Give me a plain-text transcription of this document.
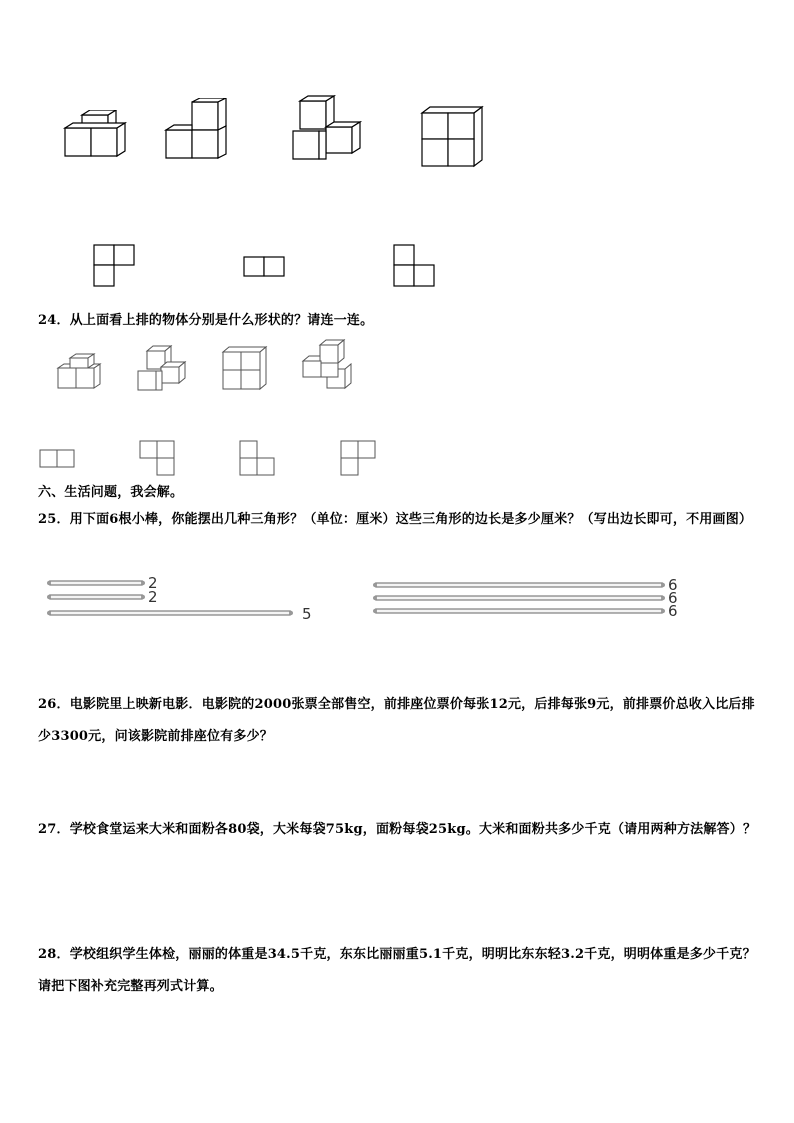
24．从上面看上排的物体分别是什么形状的？请连一连。
六、生活问题，我会解。
25．用下面6根小棒，你能摆出几种三角形？（单位：厘米）这些三角形的边长是多少厘米？（写出边长即可，不用画图）
2
2
5
6
6
6
26．电影院里上映新电影．电影院的2000张票全部售空，前排座位票价每张12元，后排每张9元，前排票价总收入比后排少3300元，问该影院前排座位有多少？
27．学校食堂运来大米和面粉各80袋，大米每袋75kg，面粉每袋25kg。大米和面粉共多少千克（请用两种方法解答）？
28．学校组织学生体检，丽丽的体重是34.5千克，东东比丽丽重5.1千克，明明比东东轻3.2千克，明明体重是多少千克？请把下图补充完整再列式计算。
